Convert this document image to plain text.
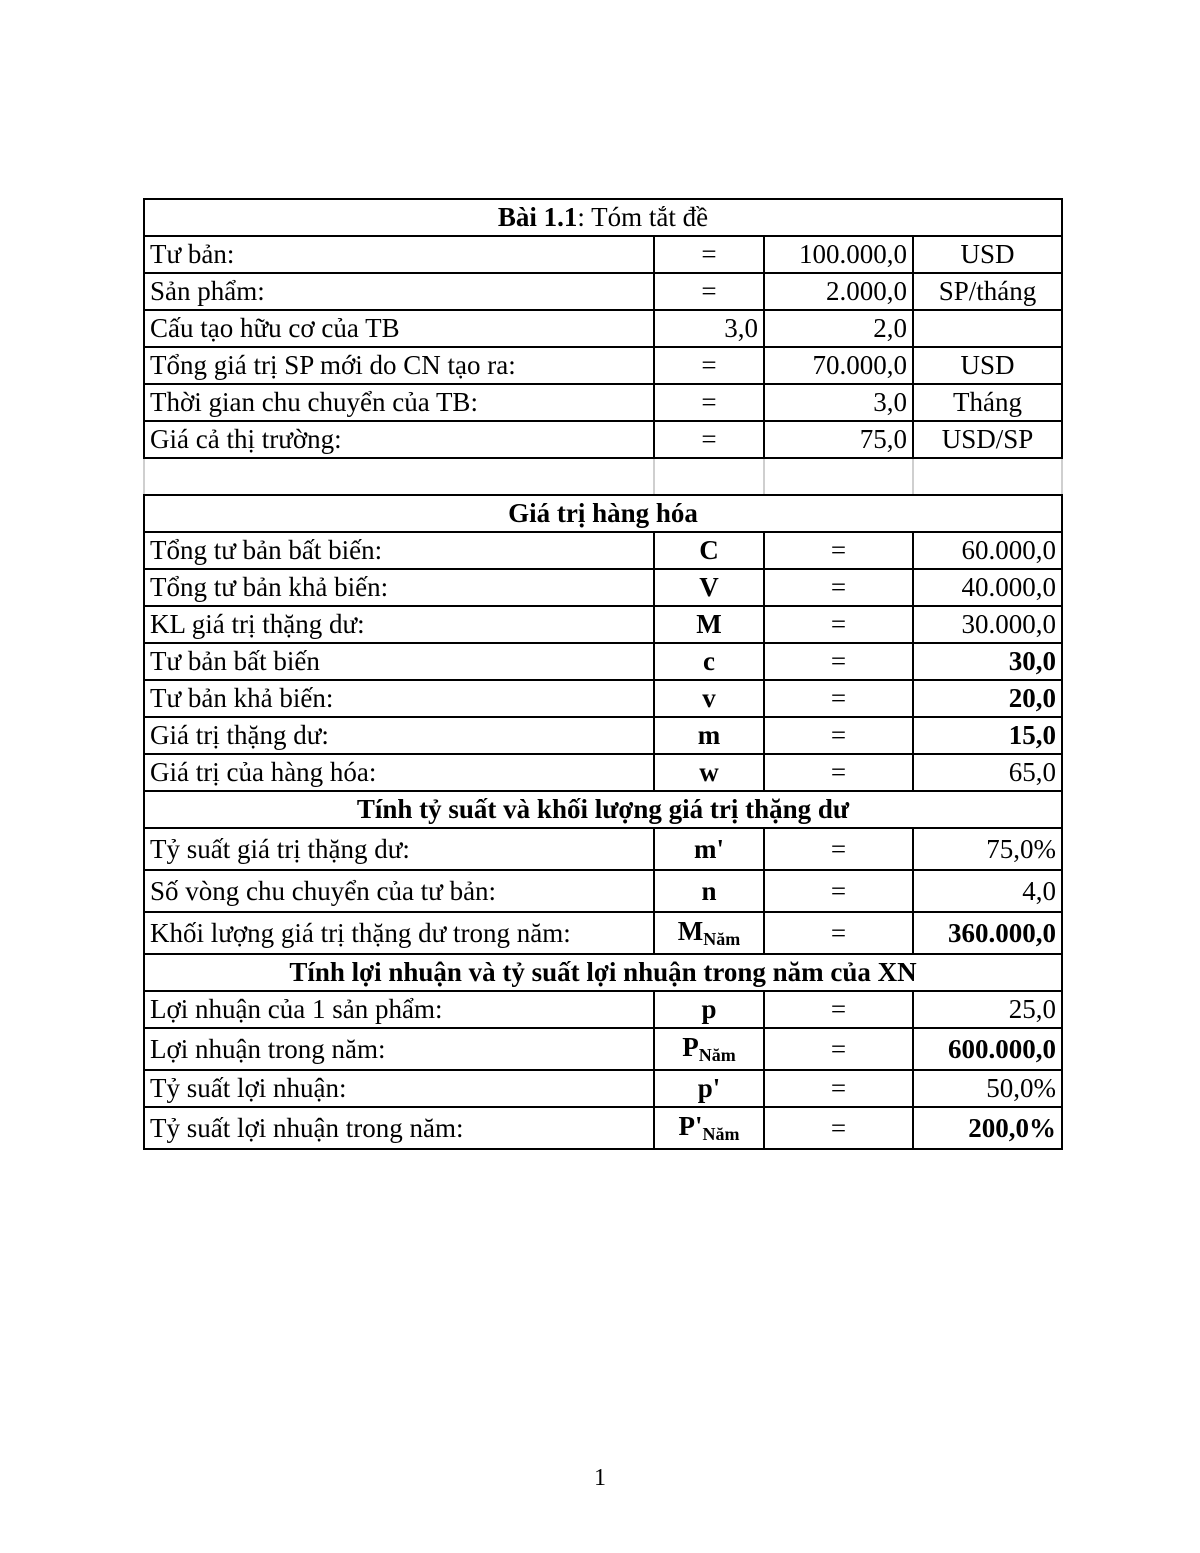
Bài 1.1: Tóm tắt đề			
Tư bản:	=	100.000,0	USD
Sản phẩm:	=	2.000,0	SP/tháng
Cấu tạo hữu cơ của TB	3,0	2,0	
Tổng giá trị SP mới do CN tạo ra:	=	70.000,0	USD
Thời gian chu chuyển của TB:	=	3,0	Tháng
Giá cả thị trường:	=	75,0	USD/SP

Giá trị hàng hóa			
Tổng tư bản bất biến:	C	=	60.000,0
Tổng tư bản khả biến:	V	=	40.000,0
KL giá trị thặng dư:	M	=	30.000,0
Tư bản bất biến	c	=	30,0
Tư bản khả biến:	v	=	20,0
Giá trị thặng dư:	m	=	15,0
Giá trị của hàng hóa:	w	=	65,0
Tính tỷ suất và khối lượng giá trị thặng dư			
Tỷ suất giá trị thặng dư:	m'	=	75,0%
Số vòng chu chuyển của tư bản:	n	=	4,0
Khối lượng giá trị thặng dư trong năm:	$M_{Năm}$	=	360.000,0
Tính lợi nhuận và tỷ suất lợi nhuận trong năm của XN			
Lợi nhuận của 1 sản phẩm:	p	=	25,0
Lợi nhuận trong năm:	$P_{Năm}$	=	600.000,0
Tỷ suất lợi nhuận:	p'	=	50,0%
Tỷ suất lợi nhuận trong năm:	$P'_{Năm}$	=	200,0%
1
